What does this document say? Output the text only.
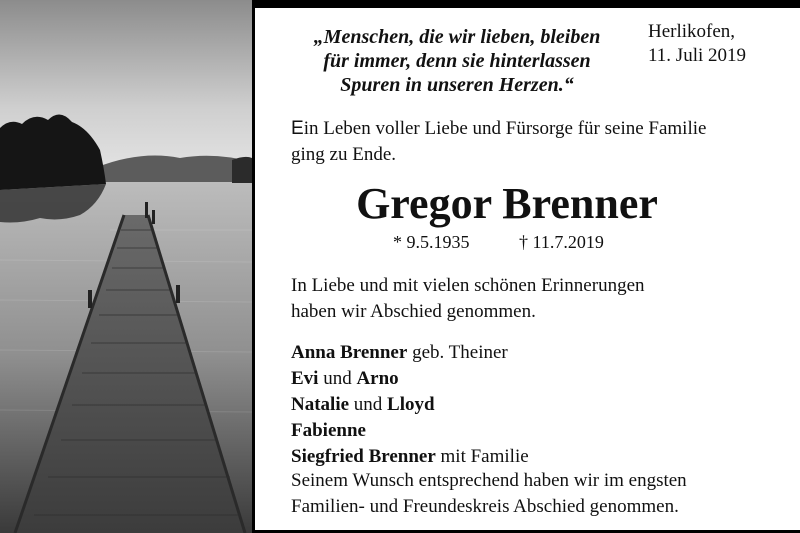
„Menschen, die wir lieben, bleiben
für immer, denn sie hinterlassen
Spuren in unseren Herzen.“
Herlikofen,
11. Juli 2019
Ein Leben voller Liebe und Fürsorge für seine Familie
ging zu Ende.
Gregor Brenner
* 9.5.1935	† 11.7.2019
In Liebe und mit vielen schönen Erinnerungen
haben wir Abschied genommen.
Anna Brenner geb. Theiner
Evi und Arno
Natalie und Lloyd
Fabienne
Siegfried Brenner mit Familie
Seinem Wunsch entsprechend haben wir im engsten
Familien- und Freundeskreis Abschied genommen.
